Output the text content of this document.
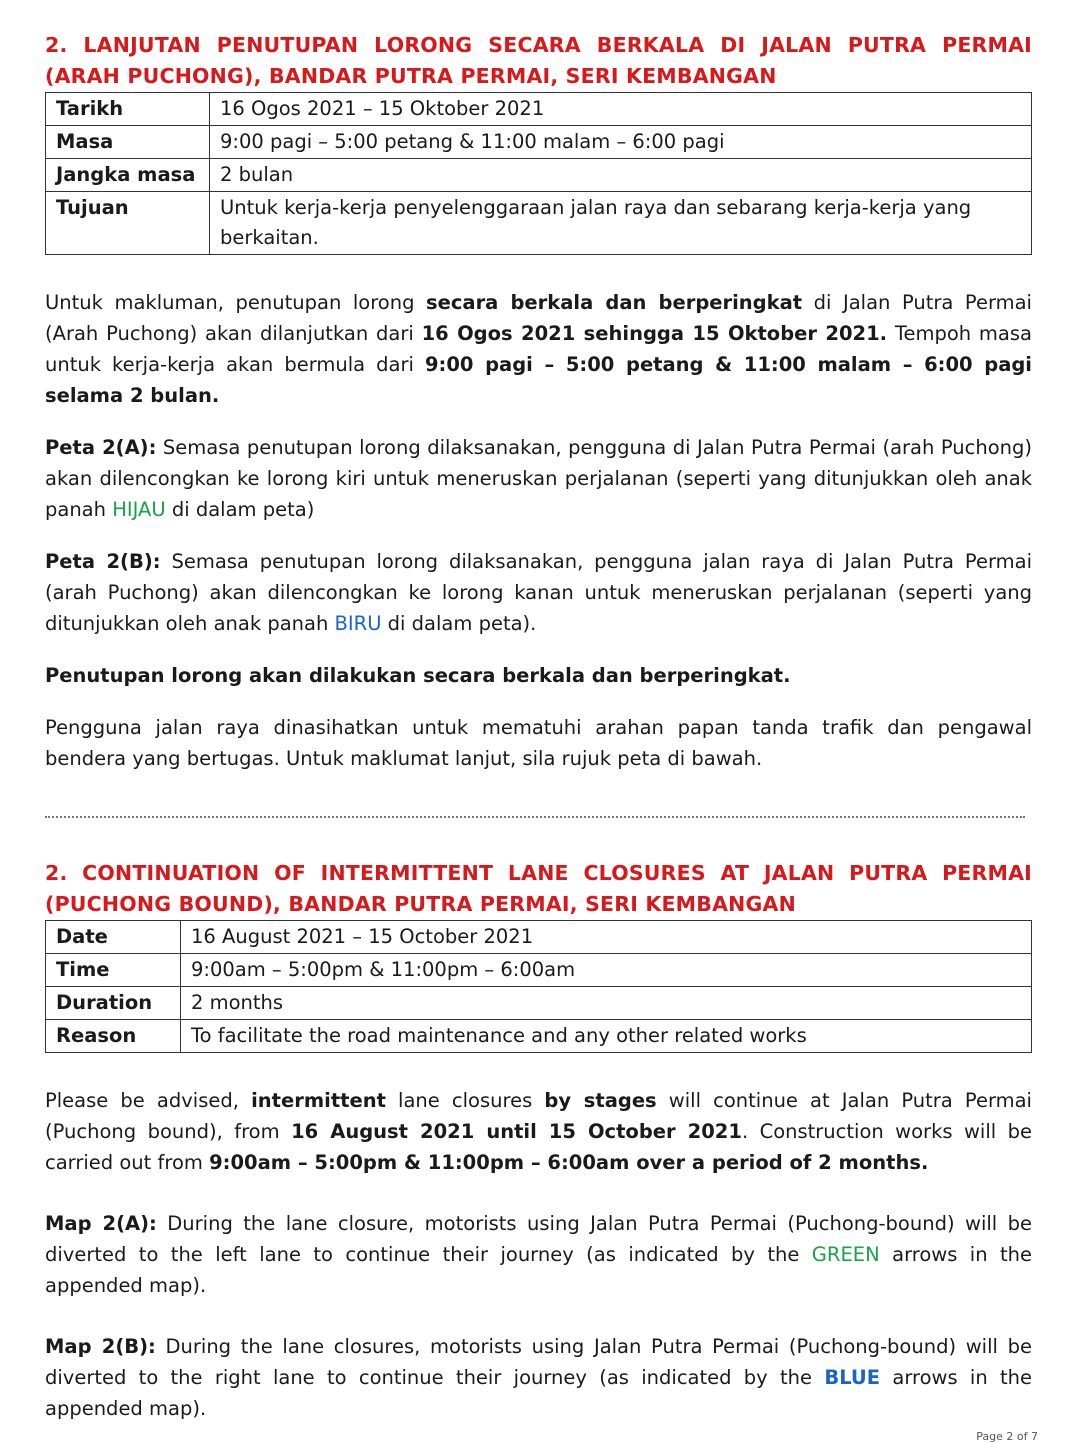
2. LANJUTAN PENUTUPAN LORONG SECARA BERKALA DI JALAN PUTRA PERMAI (ARAH PUCHONG), BANDAR PUTRA PERMAI, SERI KEMBANGAN
Tarikh	16 Ogos 2021 – 15 Oktober 2021
Masa	9:00 pagi – 5:00 petang & 11:00 malam – 6:00 pagi
Jangka masa	2 bulan
Tujuan	Untuk kerja-kerja penyelenggaraan jalan raya dan sebarang kerja-kerja yang berkaitan.

Untuk makluman, penutupan lorong secara berkala dan berperingkat di Jalan Putra Permai (Arah Puchong) akan dilanjutkan dari 16 Ogos 2021 sehingga 15 Oktober 2021. Tempoh masa untuk kerja-kerja akan bermula dari 9:00 pagi – 5:00 petang & 11:00 malam – 6:00 pagi selama 2 bulan.

Peta 2(A): Semasa penutupan lorong dilaksanakan, pengguna di Jalan Putra Permai (arah Puchong) akan dilencongkan ke lorong kiri untuk meneruskan perjalanan (seperti yang ditunjukkan oleh anak panah HIJAU di dalam peta)

Peta 2(B): Semasa penutupan lorong dilaksanakan, pengguna jalan raya di Jalan Putra Permai (arah Puchong) akan dilencongkan ke lorong kanan untuk meneruskan perjalanan (seperti yang ditunjukkan oleh anak panah BIRU di dalam peta).

Penutupan lorong akan dilakukan secara berkala dan berperingkat.

Pengguna jalan raya dinasihatkan untuk mematuhi arahan papan tanda trafik dan pengawal bendera yang bertugas. Untuk maklumat lanjut, sila rujuk peta di bawah.

2. CONTINUATION OF INTERMITTENT LANE CLOSURES AT JALAN PUTRA PERMAI (PUCHONG BOUND), BANDAR PUTRA PERMAI, SERI KEMBANGAN
Date	16 August 2021 – 15 October 2021
Time	9:00am – 5:00pm & 11:00pm – 6:00am
Duration	2 months
Reason	To facilitate the road maintenance and any other related works

Please be advised, intermittent lane closures by stages will continue at Jalan Putra Permai (Puchong bound), from 16 August 2021 until 15 October 2021. Construction works will be carried out from 9:00am – 5:00pm & 11:00pm – 6:00am over a period of 2 months.

Map 2(A): During the lane closure, motorists using Jalan Putra Permai (Puchong-bound) will be diverted to the left lane to continue their journey (as indicated by the GREEN arrows in the appended map).

Map 2(B): During the lane closures, motorists using Jalan Putra Permai (Puchong-bound) will be diverted to the right lane to continue their journey (as indicated by the BLUE arrows in the appended map).

Page 2 of 7
